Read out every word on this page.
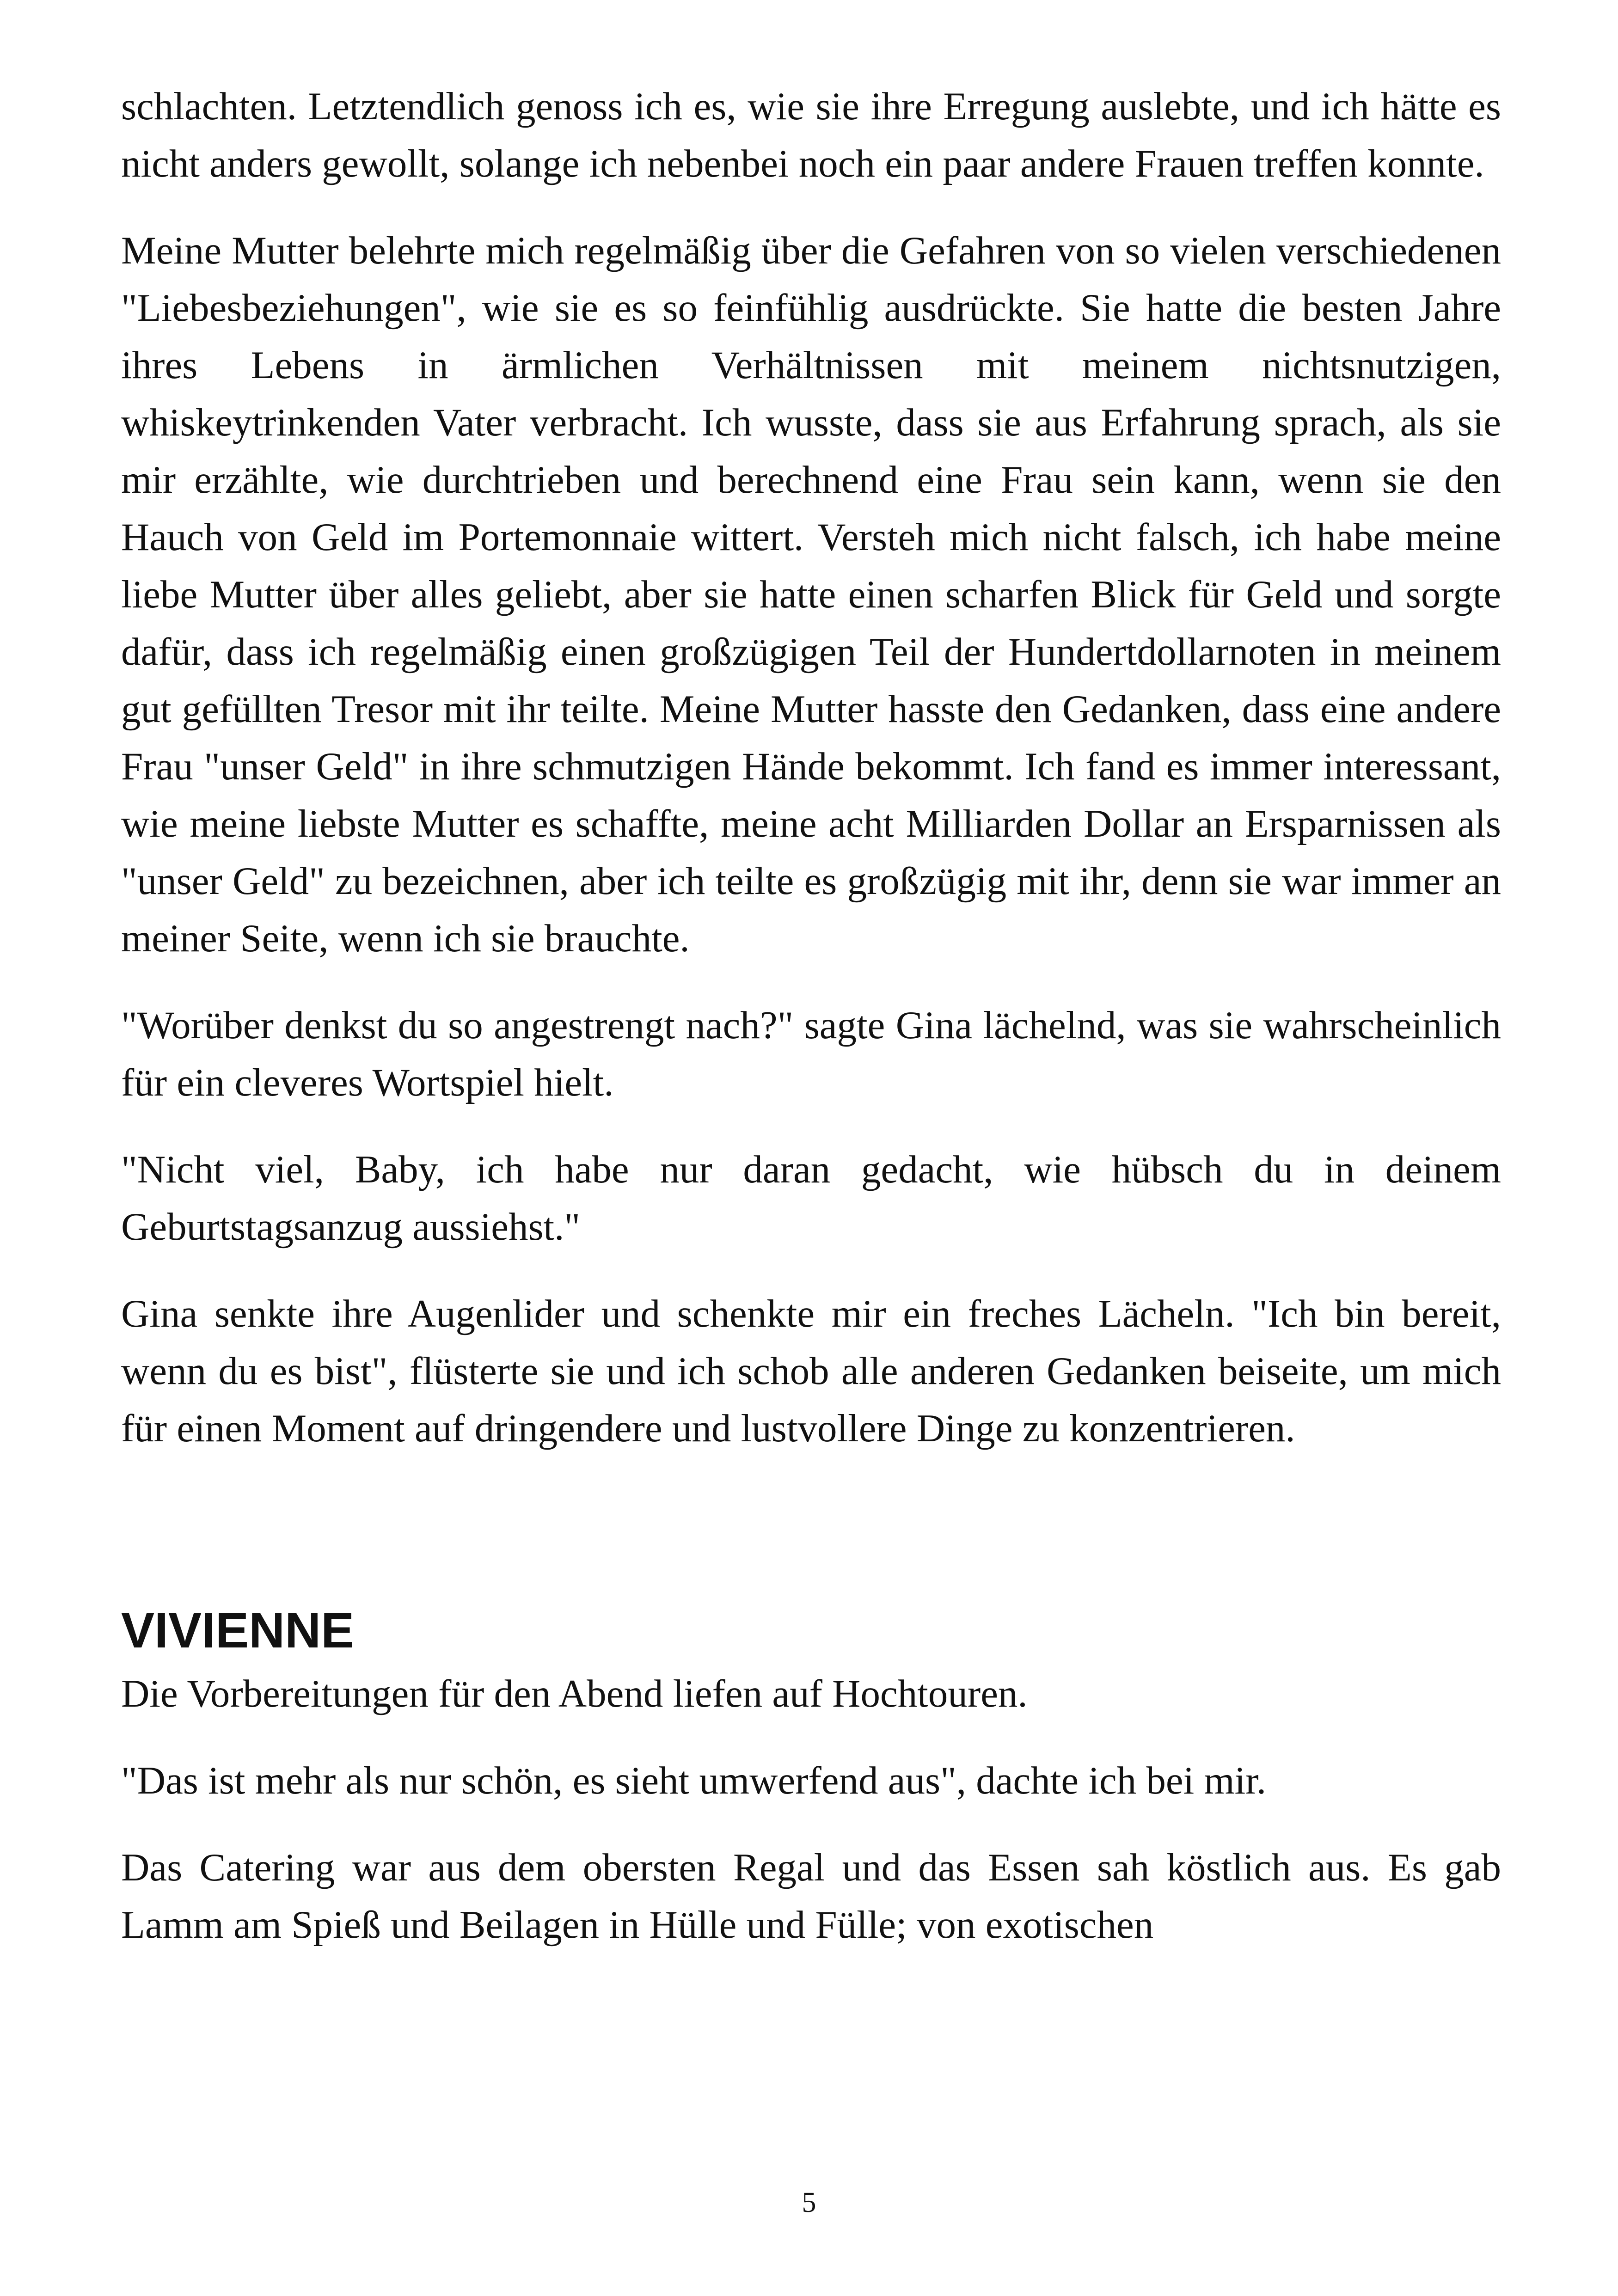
schlachten. Letztendlich genoss ich es, wie sie ihre Erregung auslebte, und ich hätte es nicht anders gewollt, solange ich nebenbei noch ein paar andere Frauen treffen konnte.

Meine Mutter belehrte mich regelmäßig über die Gefahren von so vielen verschiedenen "Liebesbeziehungen", wie sie es so feinfühlig ausdrückte. Sie hatte die besten Jahre ihres Lebens in ärmlichen Verhältnissen mit meinem nichtsnutzigen, whiskeytrinkenden Vater verbracht. Ich wusste, dass sie aus Erfahrung sprach, als sie mir erzählte, wie durchtrieben und berechnend eine Frau sein kann, wenn sie den Hauch von Geld im Portemonnaie wittert. Versteh mich nicht falsch, ich habe meine liebe Mutter über alles geliebt, aber sie hatte einen scharfen Blick für Geld und sorgte dafür, dass ich regelmäßig einen großzügigen Teil der Hundertdollarnoten in meinem gut gefüllten Tresor mit ihr teilte. Meine Mutter hasste den Gedanken, dass eine andere Frau "unser Geld" in ihre schmutzigen Hände bekommt. Ich fand es immer interessant, wie meine liebste Mutter es schaffte, meine acht Milliarden Dollar an Ersparnissen als "unser Geld" zu bezeichnen, aber ich teilte es großzügig mit ihr, denn sie war immer an meiner Seite, wenn ich sie brauchte.

"Worüber denkst du so angestrengt nach?" sagte Gina lächelnd, was sie wahrscheinlich für ein cleveres Wortspiel hielt.

"Nicht viel, Baby, ich habe nur daran gedacht, wie hübsch du in deinem Geburtstagsanzug aussiehst."

Gina senkte ihre Augenlider und schenkte mir ein freches Lächeln. "Ich bin bereit, wenn du es bist", flüsterte sie und ich schob alle anderen Gedanken beiseite, um mich für einen Moment auf dringendere und lustvollere Dinge zu konzentrieren.

VIVIENNE

Die Vorbereitungen für den Abend liefen auf Hochtouren.

"Das ist mehr als nur schön, es sieht umwerfend aus", dachte ich bei mir.

Das Catering war aus dem obersten Regal und das Essen sah köstlich aus. Es gab Lamm am Spieß und Beilagen in Hülle und Fülle; von exotischen

5
